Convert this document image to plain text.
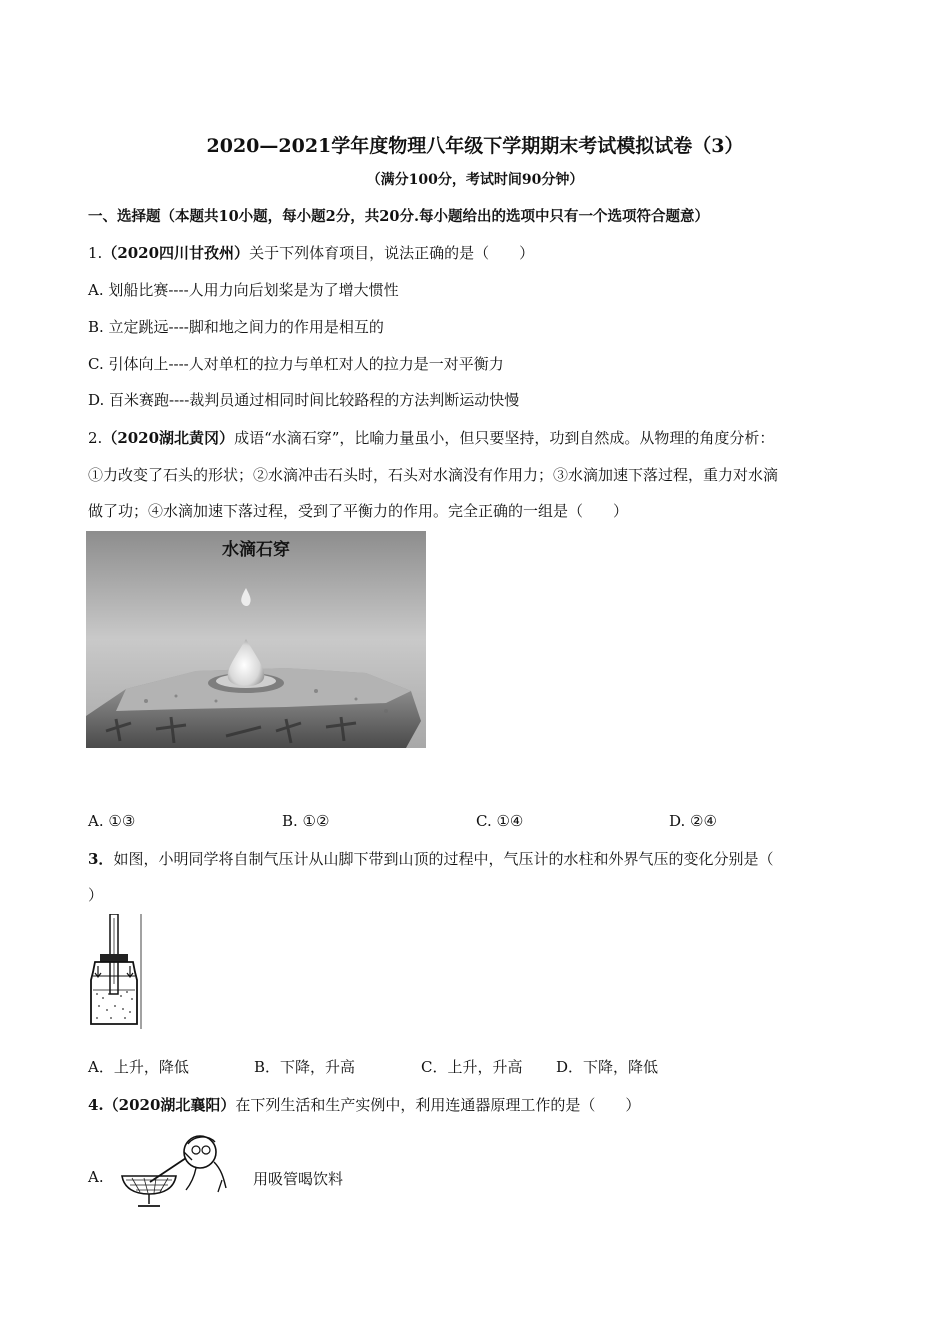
2020—2021学年度物理八年级下学期期末考试模拟试卷（3）
（满分100分，考试时间90分钟）
一、选择题（本题共10小题，每小题2分，共20分.每小题给出的选项中只有一个选项符合题意）
1.（2020四川甘孜州）关于下列体育项目，说法正确的是（　　）
A. 划船比赛----人用力向后划桨是为了增大惯性
B. 立定跳远----脚和地之间力的作用是相互的
C. 引体向上----人对单杠的拉力与单杠对人的拉力是一对平衡力
D. 百米赛跑----裁判员通过相同时间比较路程的方法判断运动快慢
2.（2020湖北黄冈）成语“水滴石穿”，比喻力量虽小，但只要坚持，功到自然成。从物理的角度分析：
①力改变了石头的形状；②水滴冲击石头时，石头对水滴没有作用力；③水滴加速下落过程，重力对水滴
做了功；④水滴加速下落过程，受到了平衡力的作用。完全正确的一组是（　　）
水滴石穿
A. ①③	B. ①②	C. ①④	D. ②④
3．如图，小明同学将自制气压计从山脚下带到山顶的过程中，气压计的水柱和外界气压的变化分别是（
）
A．上升，降低	B．下降，升高	C．上升，升高 D．下降，降低
4.（2020湖北襄阳）在下列生活和生产实例中，利用连通器原理工作的是（　　）
A.	用吸管喝饮料
